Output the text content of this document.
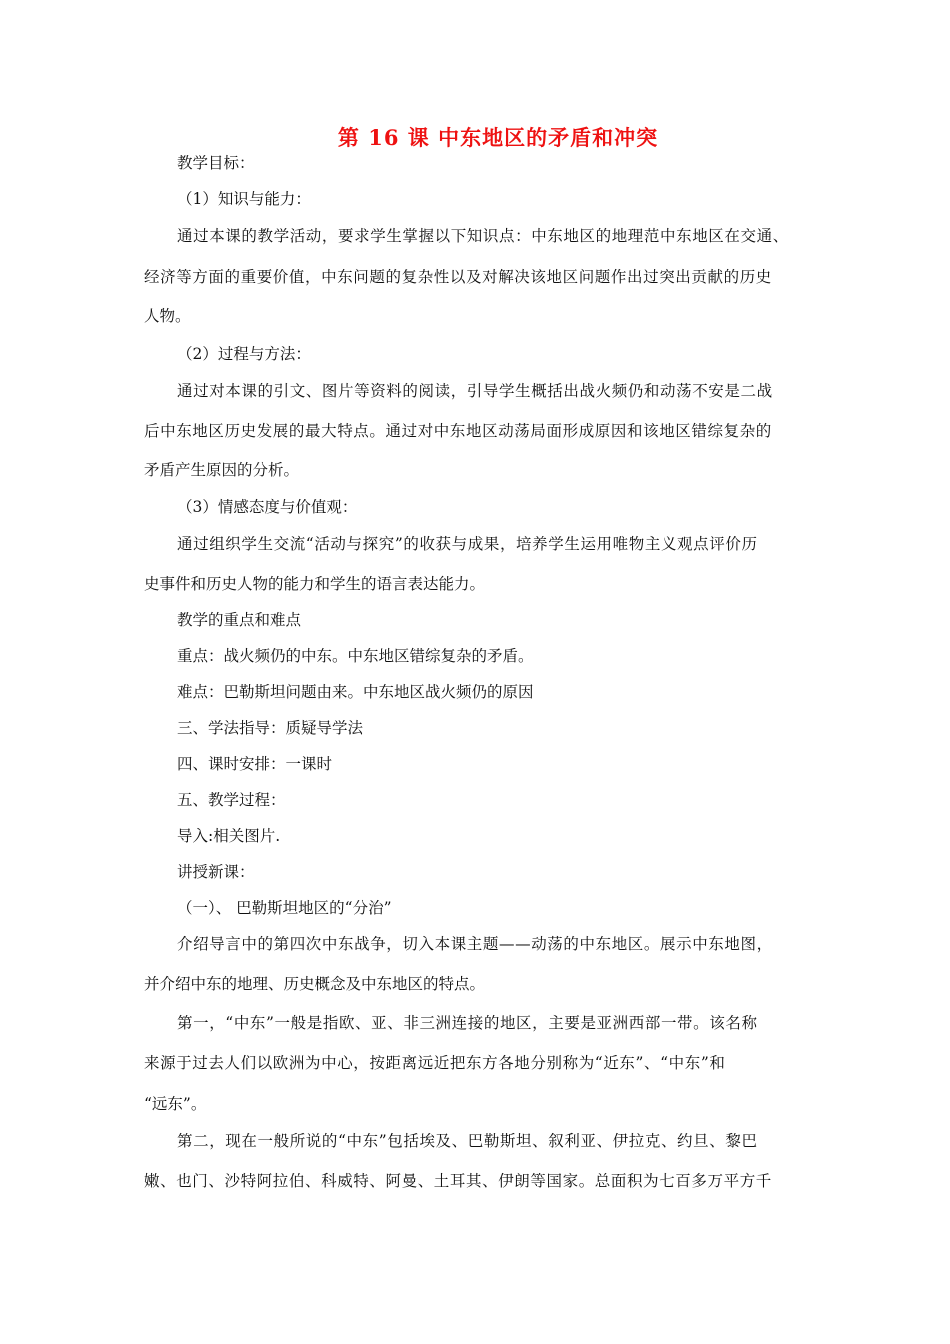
第 16 课 中东地区的矛盾和冲突
教学目标：
（1）知识与能力：
通过本课的教学活动，要求学生掌握以下知识点：中东地区的地理范中东地区在交通、
经济等方面的重要价值，中东问题的复杂性以及对解决该地区问题作出过突出贡献的历史
人物。
（2）过程与方法：
通过对本课的引文、图片等资料的阅读，引导学生概括出战火频仍和动荡不安是二战
后中东地区历史发展的最大特点。通过对中东地区动荡局面形成原因和该地区错综复杂的
矛盾产生原因的分析。
（3）情感态度与价值观：
通过组织学生交流“活动与探究”的收获与成果，培养学生运用唯物主义观点评价历
史事件和历史人物的能力和学生的语言表达能力。
教学的重点和难点
重点：战火频仍的中东。中东地区错综复杂的矛盾。
难点：巴勒斯坦问题由来。中东地区战火频仍的原因
三、学法指导：质疑导学法
四、课时安排：一课时
五、教学过程：
导入:相关图片.
讲授新课：
（一）、 巴勒斯坦地区的“分治”
介绍导言中的第四次中东战争，切入本课主题——动荡的中东地区。展示中东地图，
并介绍中东的地理、历史概念及中东地区的特点。
第一，“中东”一般是指欧、亚、非三洲连接的地区，主要是亚洲西部一带。该名称
来源于过去人们以欧洲为中心，按距离远近把东方各地分别称为“近东”、“中东”和
“远东”。
第二，现在一般所说的“中东”包括埃及、巴勒斯坦、叙利亚、伊拉克、约旦、黎巴
嫩、也门、沙特阿拉伯、科威特、阿曼、土耳其、伊朗等国家。总面积为七百多万平方千
